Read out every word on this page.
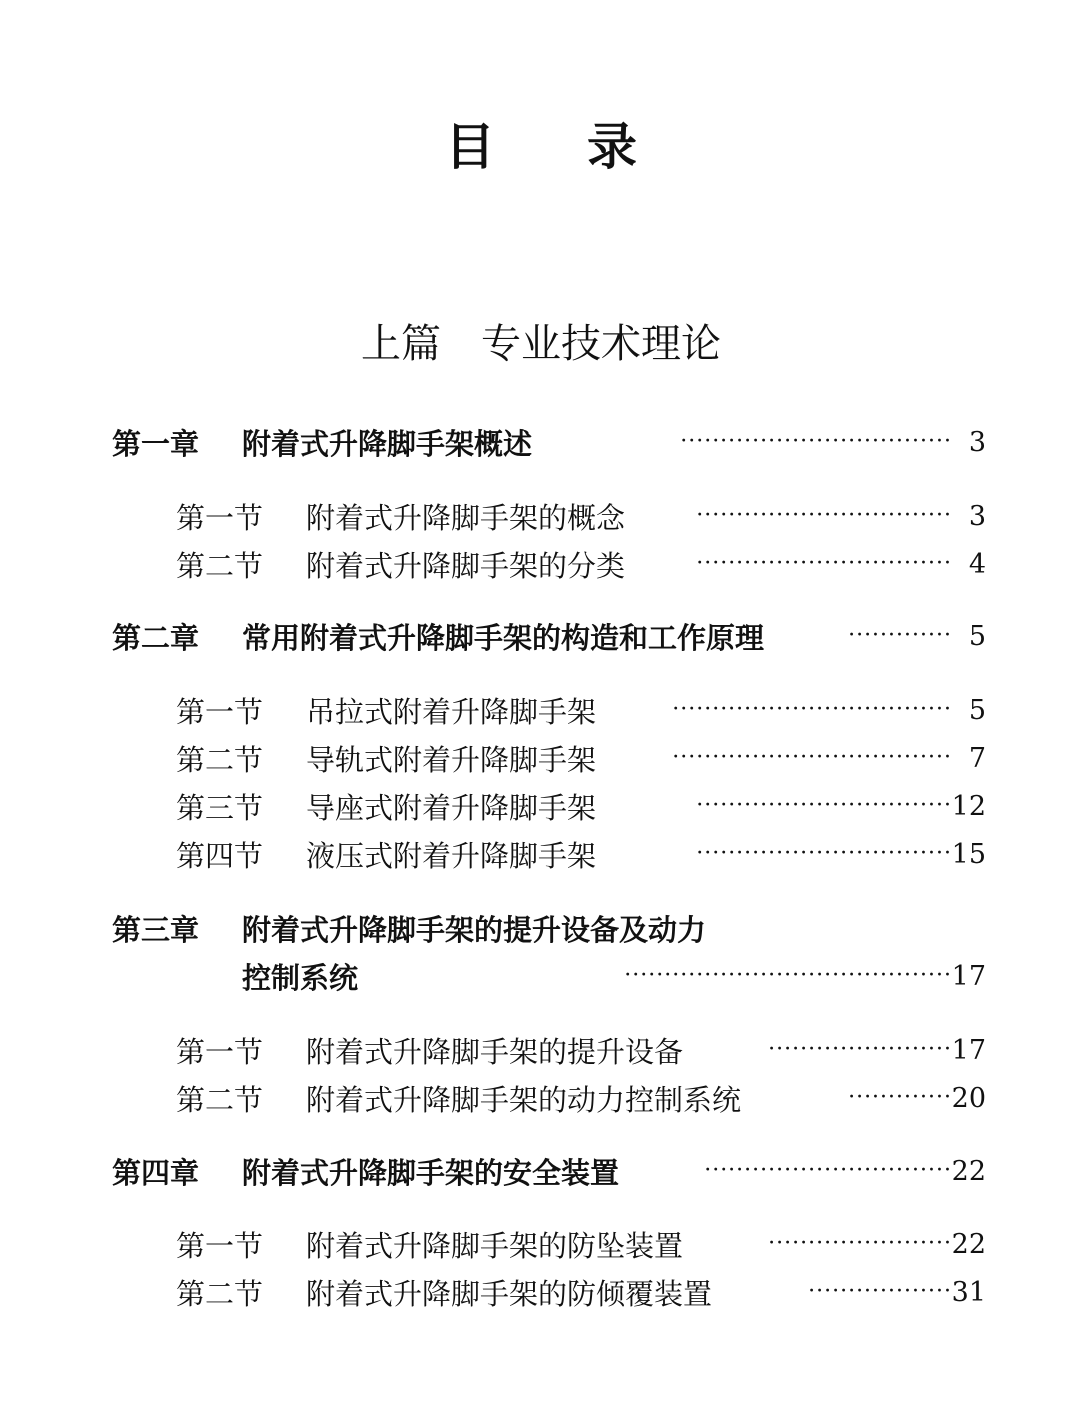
目 录
上篇 专业技术理论
第一章 附着式升降脚手架概述	·································· 3
第一节 附着式升降脚手架的概念	································ 3
第二节 附着式升降脚手架的分类	································ 4
第二章 常用附着式升降脚手架的构造和工作原理	············· 5
第一节 吊拉式附着升降脚手架	··································· 5
第二节 导轨式附着升降脚手架	··································· 7
第三节 导座式附着升降脚手架	································ 12
第四节 液压式附着升降脚手架	································ 15
第三章 附着式升降脚手架的提升设备及动力
控制系统	········································· 17
第一节 附着式升降脚手架的提升设备	······················· 17
第二节 附着式升降脚手架的动力控制系统	············· 20
第四章 附着式升降脚手架的安全装置	······························· 22
第一节 附着式升降脚手架的防坠装置	······················· 22
第二节 附着式升降脚手架的防倾覆装置	·················· 31
